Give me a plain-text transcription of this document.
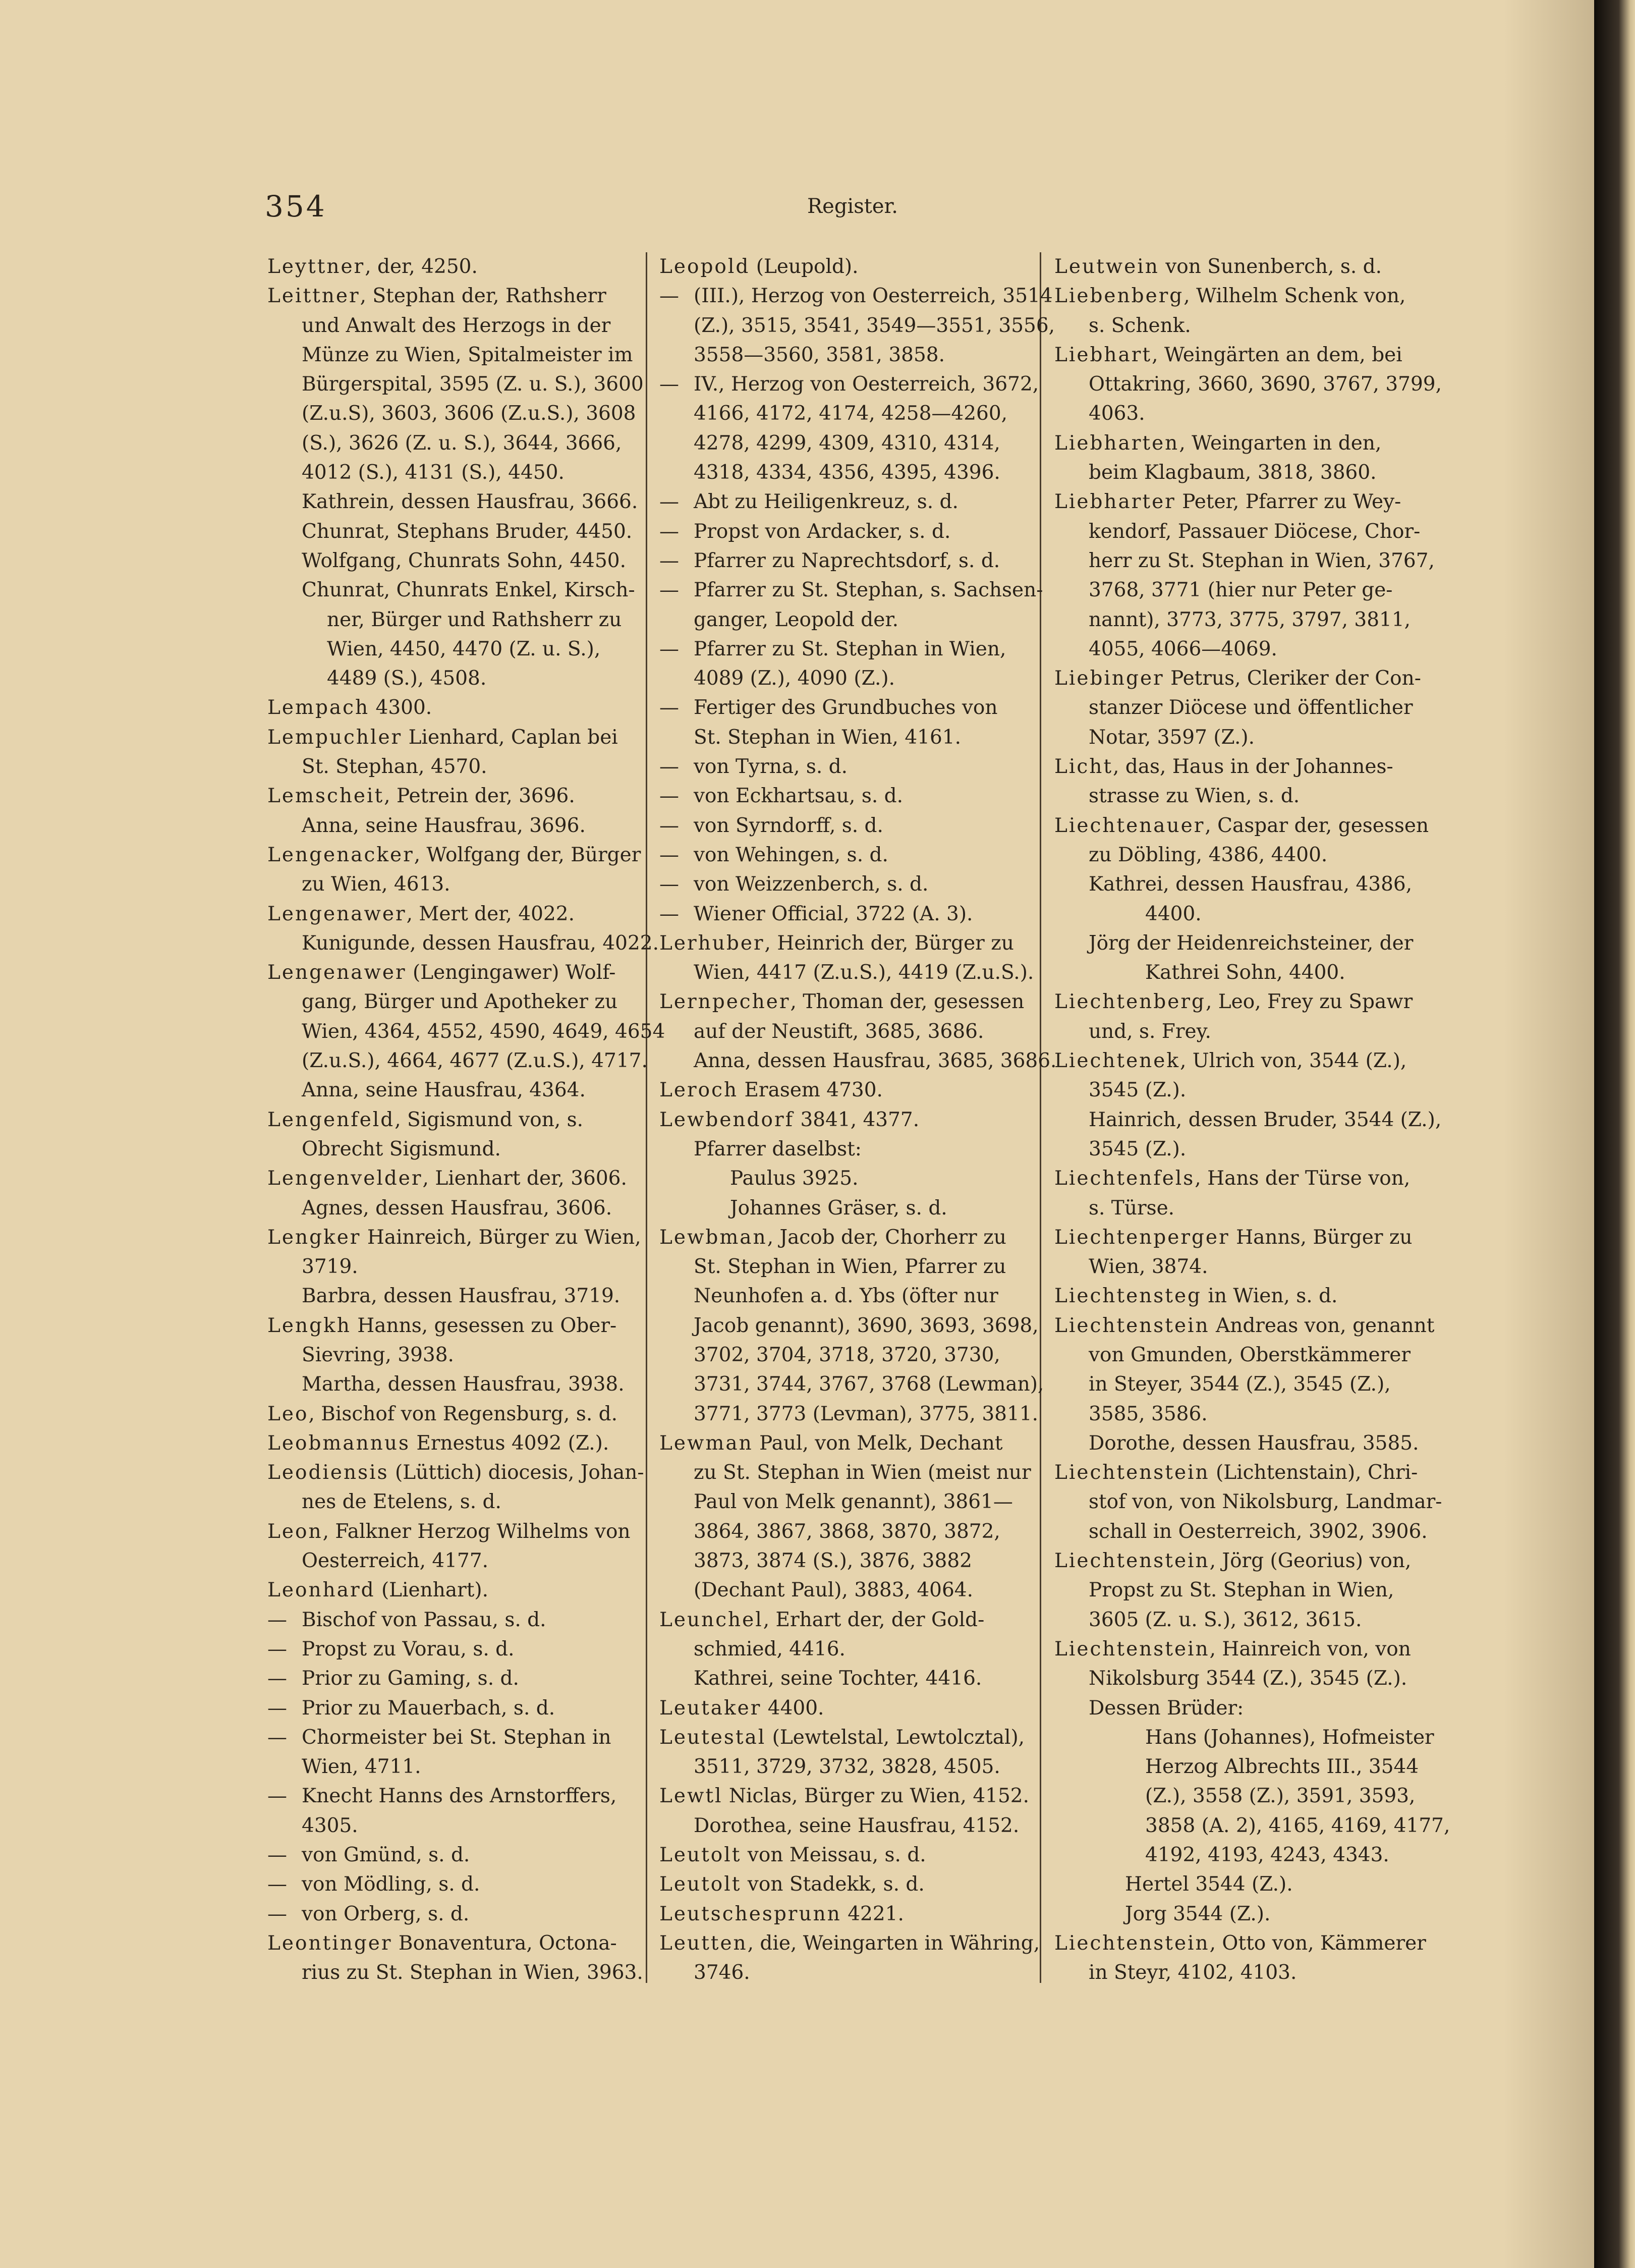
354	Register.
Leyttner, der, 4250.
Leittner, Stephan der, Rathsherr
und Anwalt des Herzogs in der
Münze zu Wien, Spitalmeister im
Bürgerspital, 3595 (Z. u. S.), 3600
(Z.u.S), 3603, 3606 (Z.u.S.), 3608
(S.), 3626 (Z. u. S.), 3644, 3666,
4012 (S.), 4131 (S.), 4450.
Kathrein, dessen Hausfrau, 3666.
Chunrat, Stephans Bruder, 4450.
Wolfgang, Chunrats Sohn, 4450.
Chunrat, Chunrats Enkel, Kirsch-
ner, Bürger und Rathsherr zu
Wien, 4450, 4470 (Z. u. S.),
4489 (S.), 4508.
Lempach 4300.
Lempuchler Lienhard, Caplan bei
St. Stephan, 4570.
Lemscheit, Petrein der, 3696.
Anna, seine Hausfrau, 3696.
Lengenacker, Wolfgang der, Bürger
zu Wien, 4613.
Lengenawer, Mert der, 4022.
Kunigunde, dessen Hausfrau, 4022.
Lengenawer (Lengingawer) Wolf-
gang, Bürger und Apotheker zu
Wien, 4364, 4552, 4590, 4649, 4654
(Z.u.S.), 4664, 4677 (Z.u.S.), 4717.
Anna, seine Hausfrau, 4364.
Lengenfeld, Sigismund von, s.
Obrecht Sigismund.
Lengenvelder, Lienhart der, 3606.
Agnes, dessen Hausfrau, 3606.
Lengker Hainreich, Bürger zu Wien,
3719.
Barbra, dessen Hausfrau, 3719.
Lengkh Hanns, gesessen zu Ober-
Sievring, 3938.
Martha, dessen Hausfrau, 3938.
Leo, Bischof von Regensburg, s. d.
Leobmannus Ernestus 4092 (Z.).
Leodiensis (Lüttich) diocesis, Johan-
nes de Etelens, s. d.
Leon, Falkner Herzog Wilhelms von
Oesterreich, 4177.
Leonhard (Lienhart).
— Bischof von Passau, s. d.
— Propst zu Vorau, s. d.
— Prior zu Gaming, s. d.
— Prior zu Mauerbach, s. d.
— Chormeister bei St. Stephan in
Wien, 4711.
— Knecht Hanns des Arnstorffers,
4305.
— von Gmünd, s. d.
— von Mödling, s. d.
— von Orberg, s. d.
Leontinger Bonaventura, Octona-
rius zu St. Stephan in Wien, 3963.
Leopold (Leupold).
— (III.), Herzog von Oesterreich, 3514
(Z.), 3515, 3541, 3549—3551, 3556,
3558—3560, 3581, 3858.
— IV., Herzog von Oesterreich, 3672,
4166, 4172, 4174, 4258—4260,
4278, 4299, 4309, 4310, 4314,
4318, 4334, 4356, 4395, 4396.
— Abt zu Heiligenkreuz, s. d.
— Propst von Ardacker, s. d.
— Pfarrer zu Naprechtsdorf, s. d.
— Pfarrer zu St. Stephan, s. Sachsen-
ganger, Leopold der.
— Pfarrer zu St. Stephan in Wien,
4089 (Z.), 4090 (Z.).
— Fertiger des Grundbuches von
St. Stephan in Wien, 4161.
— von Tyrna, s. d.
— von Eckhartsau, s. d.
— von Syrndorff, s. d.
— von Wehingen, s. d.
— von Weizzenberch, s. d.
— Wiener Official, 3722 (A. 3).
Lerhuber, Heinrich der, Bürger zu
Wien, 4417 (Z.u.S.), 4419 (Z.u.S.).
Lernpecher, Thoman der, gesessen
auf der Neustift, 3685, 3686.
Anna, dessen Hausfrau, 3685, 3686.
Leroch Erasem 4730.
Lewbendorf 3841, 4377.
Pfarrer daselbst:
Paulus 3925.
Johannes Gräser, s. d.
Lewbman, Jacob der, Chorherr zu
St. Stephan in Wien, Pfarrer zu
Neunhofen a. d. Ybs (öfter nur
Jacob genannt), 3690, 3693, 3698,
3702, 3704, 3718, 3720, 3730,
3731, 3744, 3767, 3768 (Lewman),
3771, 3773 (Levman), 3775, 3811.
Lewman Paul, von Melk, Dechant
zu St. Stephan in Wien (meist nur
Paul von Melk genannt), 3861—
3864, 3867, 3868, 3870, 3872,
3873, 3874 (S.), 3876, 3882
(Dechant Paul), 3883, 4064.
Leunchel, Erhart der, der Gold-
schmied, 4416.
Kathrei, seine Tochter, 4416.
Leutaker 4400.
Leutestal (Lewtelstal, Lewtolcztal),
3511, 3729, 3732, 3828, 4505.
Lewtl Niclas, Bürger zu Wien, 4152.
Dorothea, seine Hausfrau, 4152.
Leutolt von Meissau, s. d.
Leutolt von Stadekk, s. d.
Leutschesprunn 4221.
Leutten, die, Weingarten in Währing,
3746.
Leutwein von Sunenberch, s. d.
Liebenberg, Wilhelm Schenk von,
s. Schenk.
Liebhart, Weingärten an dem, bei
Ottakring, 3660, 3690, 3767, 3799,
4063.
Liebharten, Weingarten in den,
beim Klagbaum, 3818, 3860.
Liebharter Peter, Pfarrer zu Wey-
kendorf, Passauer Diöcese, Chor-
herr zu St. Stephan in Wien, 3767,
3768, 3771 (hier nur Peter ge-
nannt), 3773, 3775, 3797, 3811,
4055, 4066—4069.
Liebinger Petrus, Cleriker der Con-
stanzer Diöcese und öffentlicher
Notar, 3597 (Z.).
Licht, das, Haus in der Johannes-
strasse zu Wien, s. d.
Liechtenauer, Caspar der, gesessen
zu Döbling, 4386, 4400.
Kathrei, dessen Hausfrau, 4386,
4400.
Jörg der Heidenreichsteiner, der
Kathrei Sohn, 4400.
Liechtenberg, Leo, Frey zu Spawr
und, s. Frey.
Liechtenek, Ulrich von, 3544 (Z.),
3545 (Z.).
Hainrich, dessen Bruder, 3544 (Z.),
3545 (Z.).
Liechtenfels, Hans der Türse von,
s. Türse.
Liechtenperger Hanns, Bürger zu
Wien, 3874.
Liechtensteg in Wien, s. d.
Liechtenstein Andreas von, genannt
von Gmunden, Oberstkämmerer
in Steyer, 3544 (Z.), 3545 (Z.),
3585, 3586.
Dorothe, dessen Hausfrau, 3585.
Liechtenstein (Lichtenstain), Chri-
stof von, von Nikolsburg, Landmar-
schall in Oesterreich, 3902, 3906.
Liechtenstein, Jörg (Georius) von,
Propst zu St. Stephan in Wien,
3605 (Z. u. S.), 3612, 3615.
Liechtenstein, Hainreich von, von
Nikolsburg 3544 (Z.), 3545 (Z.).
Dessen Brüder:
Hans (Johannes), Hofmeister
Herzog Albrechts III., 3544
(Z.), 3558 (Z.), 3591, 3593,
3858 (A. 2), 4165, 4169, 4177,
4192, 4193, 4243, 4343.
Hertel 3544 (Z.).
Jorg 3544 (Z.).
Liechtenstein, Otto von, Kämmerer
in Steyr, 4102, 4103.
